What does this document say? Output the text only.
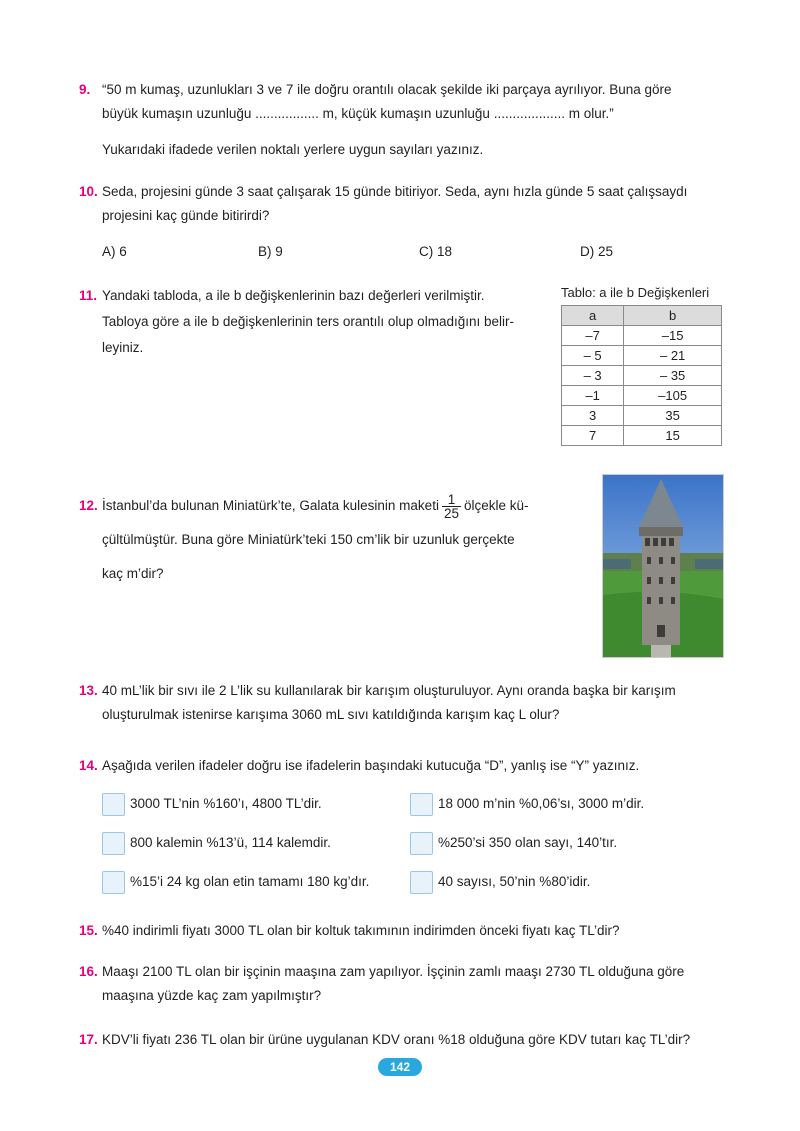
9. “50 m kumaş, uzunlukları 3 ve 7 ile doğru orantılı olacak şekilde iki parçaya ayrılıyor. Buna göre
büyük kumaşın uzunluğu ................. m, küçük kumaşın uzunluğu ................... m olur.”
Yukarıdaki ifadede verilen noktalı yerlere uygun sayıları yazınız.
10. Seda, projesini günde 3 saat çalışarak 15 günde bitiriyor. Seda, aynı hızla günde 5 saat çalışsaydı
projesini kaç günde bitirirdi?
A) 6	B) 9	C) 18	D) 25
11. Yandaki tabloda, a ile b değişkenlerinin bazı değerleri verilmiştir.
Tabloya göre a ile b değişkenlerinin ters orantılı olup olmadığını belir-
leyiniz.
Tablo: a ile b Değişkenleri
a	b
–7	–15
– 5	– 21
– 3	– 35
–1	–105
3	35
7	15
12. İstanbul’da bulunan Miniatürk’te, Galata kulesinin maketi $\frac{1}{25}$ ölçekle kü-
çültülmüştür. Buna göre Miniatürk’teki 150 cm’lik bir uzunluk gerçekte
kaç m’dir?
13. 40 mL’lik bir sıvı ile 2 L’lik su kullanılarak bir karışım oluşturuluyor. Aynı oranda başka bir karışım
oluşturulmak istenirse karışıma 3060 mL sıvı katıldığında karışım kaç L olur?
14. Aşağıda verilen ifadeler doğru ise ifadelerin başındaki kutucuğa “D”, yanlış ise “Y” yazınız.
3000 TL’nin %160’ı, 4800 TL’dir.	18 000 m’nin %0,06’sı, 3000 m’dir.
800 kalemin %13’ü, 114 kalemdir.	%250’si 350 olan sayı, 140’tır.
%15’i 24 kg olan etin tamamı 180 kg’dır.	40 sayısı, 50’nin %80’idir.
15. %40 indirimli fiyatı 3000 TL olan bir koltuk takımının indirimden önceki fiyatı kaç TL’dir?
16. Maaşı 2100 TL olan bir işçinin maaşına zam yapılıyor. İşçinin zamlı maaşı 2730 TL olduğuna göre
maaşına yüzde kaç zam yapılmıştır?
17. KDV’li fiyatı 236 TL olan bir ürüne uygulanan KDV oranı %18 olduğuna göre KDV tutarı kaç TL’dir?
142
